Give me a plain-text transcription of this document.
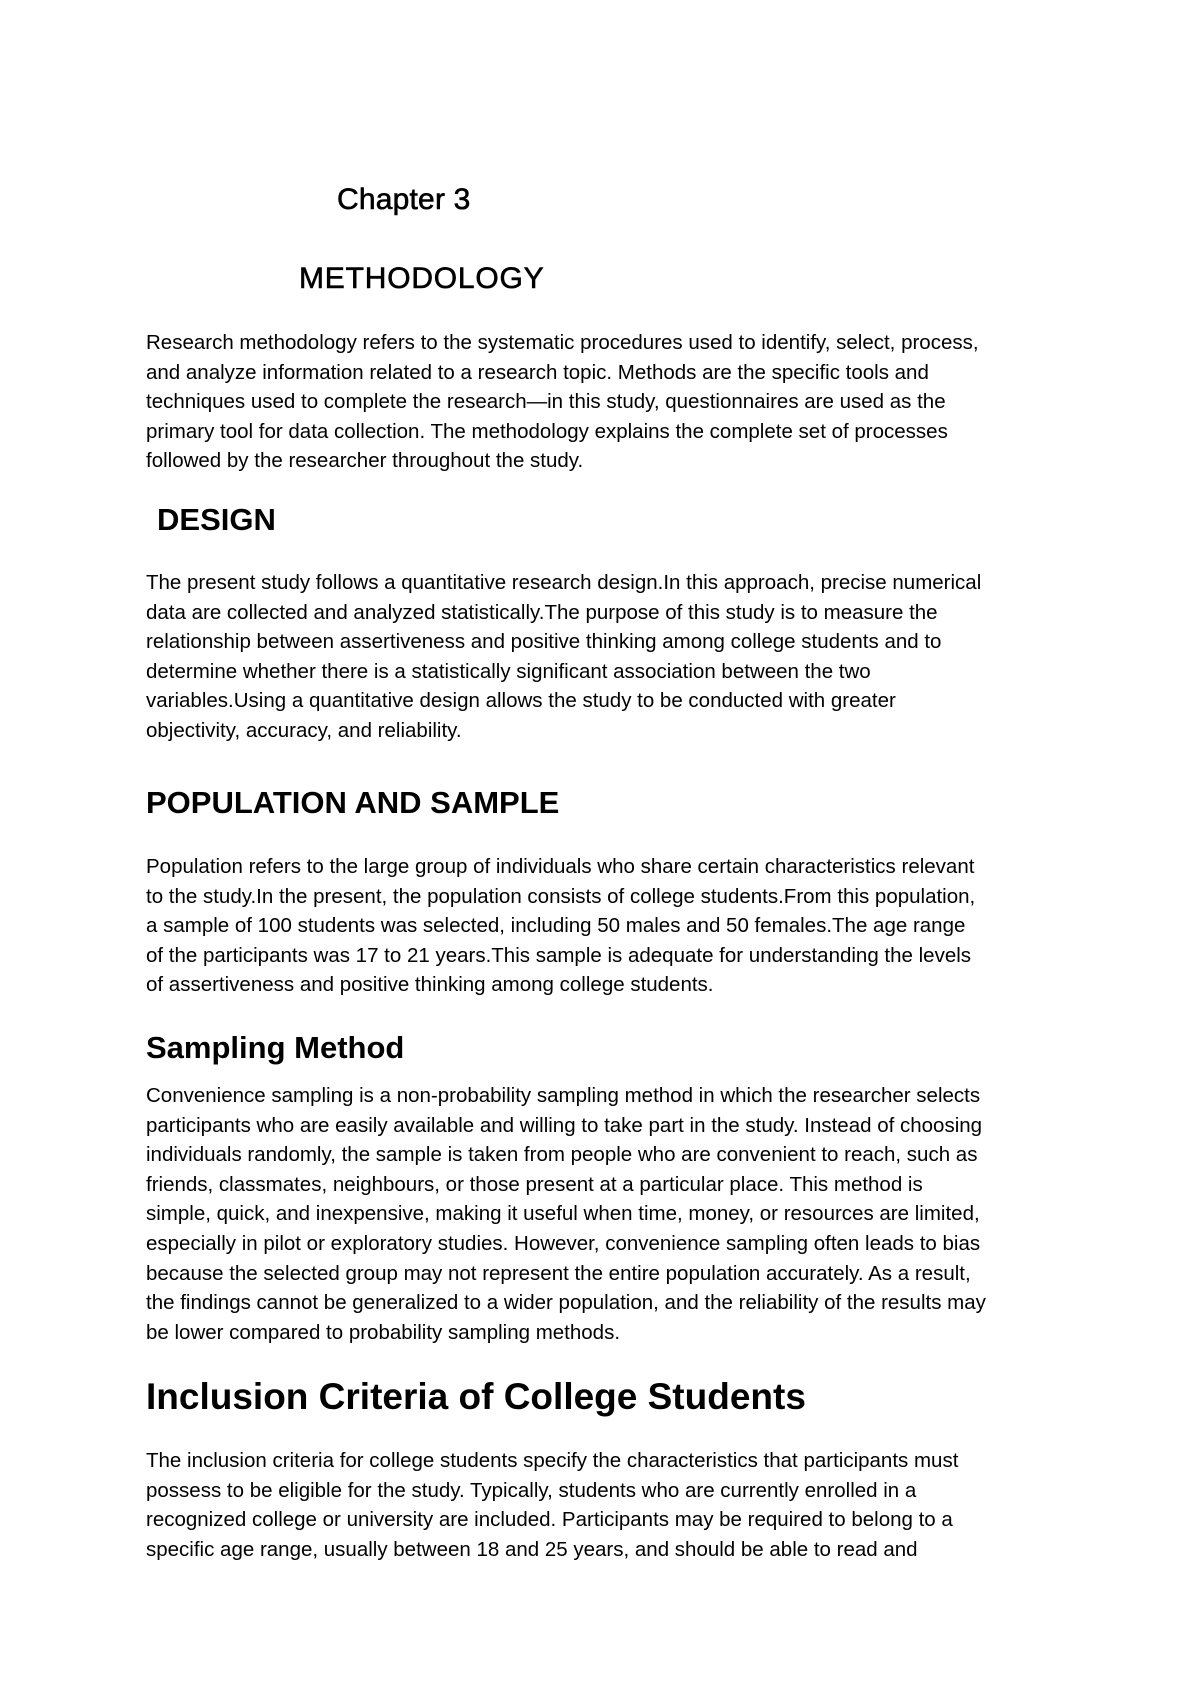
Chapter 3
METHODOLOGY

Research methodology refers to the systematic procedures used to identify, select, process,
and analyze information related to a research topic. Methods are the specific tools and
techniques used to complete the research—in this study, questionnaires are used as the
primary tool for data collection. The methodology explains the complete set of processes
followed by the researcher throughout the study.

DESIGN

The present study follows a quantitative research design.In this approach, precise numerical
data are collected and analyzed statistically.The purpose of this study is to measure the
relationship between assertiveness and positive thinking among college students and to
determine whether there is a statistically significant association between the two
variables.Using a quantitative design allows the study to be conducted with greater
objectivity, accuracy, and reliability.

POPULATION AND SAMPLE

Population refers to the large group of individuals who share certain characteristics relevant
to the study.In the present, the population consists of college students.From this population,
a sample of 100 students was selected, including 50 males and 50 females.The age range
of the participants was 17 to 21 years.This sample is adequate for understanding the levels
of assertiveness and positive thinking among college students.

Sampling Method

Convenience sampling is a non-probability sampling method in which the researcher selects
participants who are easily available and willing to take part in the study. Instead of choosing
individuals randomly, the sample is taken from people who are convenient to reach, such as
friends, classmates, neighbours, or those present at a particular place. This method is
simple, quick, and inexpensive, making it useful when time, money, or resources are limited,
especially in pilot or exploratory studies. However, convenience sampling often leads to bias
because the selected group may not represent the entire population accurately. As a result,
the findings cannot be generalized to a wider population, and the reliability of the results may
be lower compared to probability sampling methods.

Inclusion Criteria of College Students

The inclusion criteria for college students specify the characteristics that participants must
possess to be eligible for the study. Typically, students who are currently enrolled in a
recognized college or university are included. Participants may be required to belong to a
specific age range, usually between 18 and 25 years, and should be able to read and
